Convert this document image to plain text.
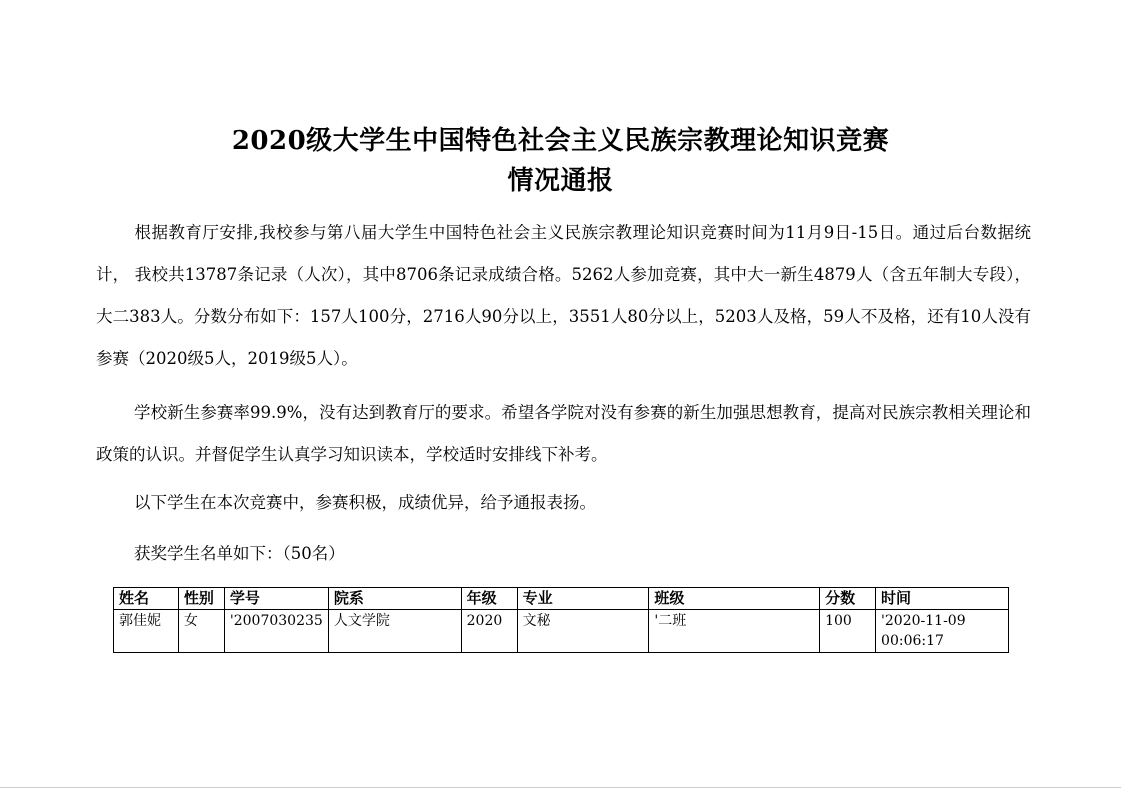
2020级大学生中国特色社会主义民族宗教理论知识竞赛
情况通报

根据教育厅安排,我校参与第八届大学生中国特色社会主义民族宗教理论知识竞赛时间为11月9日-15日。通过后台数据统计， 我校共13787条记录（人次），其中8706条记录成绩合格。5262人参加竞赛，其中大一新生4879人（含五年制大专段）， 大二383人。分数分布如下：157人100分，2716人90分以上，3551人80分以上，5203人及格，59人不及格，还有10人没有参赛（2020级5人，2019级5人）。

学校新生参赛率99.9%，没有达到教育厅的要求。希望各学院对没有参赛的新生加强思想教育，提高对民族宗教相关理论和政策的认识。并督促学生认真学习知识读本，学校适时安排线下补考。

以下学生在本次竞赛中，参赛积极，成绩优异，给予通报表扬。

获奖学生名单如下：（50名）

姓名	性别	学号	院系	年级	专业	班级	分数	时间
郭佳妮	女	'2007030235	人文学院	2020	文秘	'二班	100	'2020-11-09 00:06:17
